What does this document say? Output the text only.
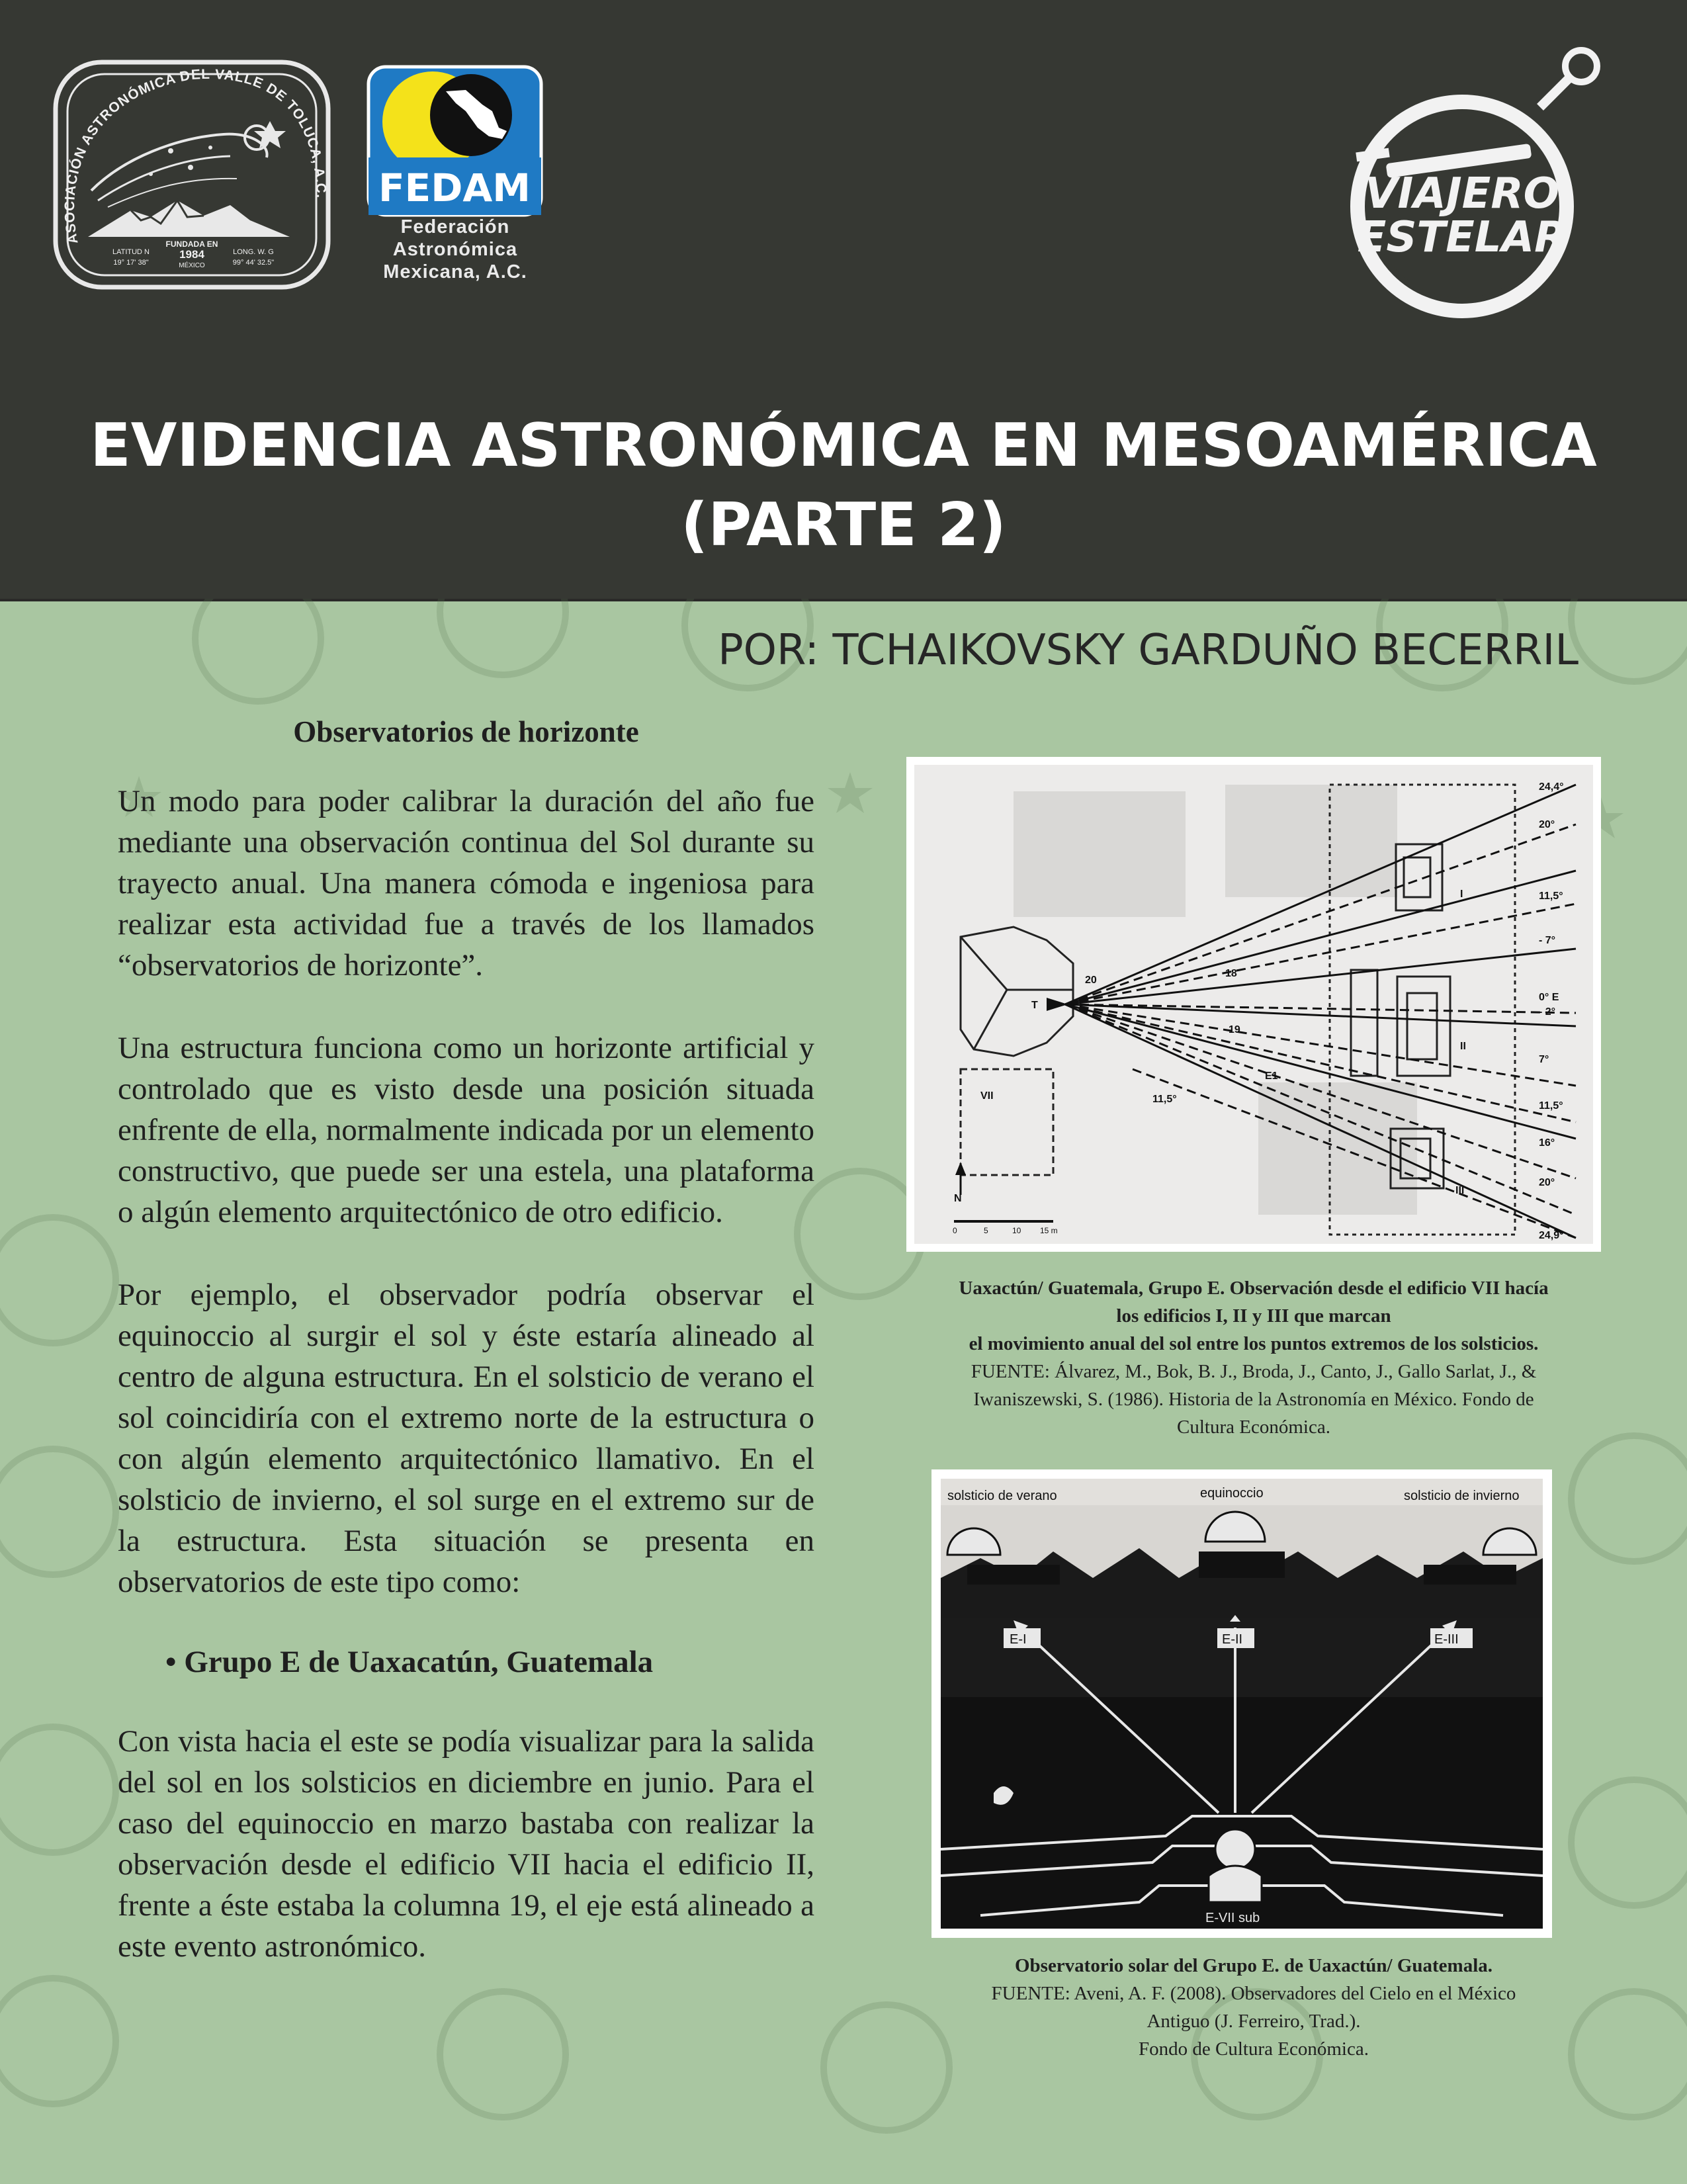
ASOCIACIÓN ASTRONÓMICA DEL VALLE DE TOLUCA, A.C.
FUNDADA EN
1984
LATITUD N
19° 17' 38"	MÉXICO
LONG. W. G
99° 44' 32.5"
FEDAM
Federación
Astronómica
Mexicana, A.C.
VIAJERO
ESTELAR
EVIDENCIA ASTRONÓMICA EN MESOAMÉRICA
(PARTE 2)
POR: TCHAIKOVSKY GARDUÑO BECERRIL
Observatorios de horizonte

Un modo para poder calibrar la duración del año fue mediante una observación continua del Sol durante su trayecto anual. Una manera cómoda e ingeniosa para realizar esta actividad fue a través de los llamados “observatorios de horizonte”.

Una estructura funciona como un horizonte artificial y controlado que es visto desde una posición situada enfrente de ella, normalmente indicada por un elemento constructivo, que puede ser una estela, una plataforma o algún elemento arquitectónico de otro edificio.

Por ejemplo, el observador podría observar el equinoccio al surgir el sol y éste estaría alineado al centro de alguna estructura. En el solsticio de verano el sol coincidiría con el extremo norte de la estructura o con algún elemento arquitectónico llamativo. En el solsticio de invierno, el sol surge en el extremo sur de la estructura. Esta situación se presenta en observatorios de este tipo como:

• Grupo E de Uaxacatún, Guatemala

Con vista hacia el este se podía visualizar para la salida del sol en los solsticios en diciembre en junio. Para el caso del equinoccio en marzo bastaba con realizar la observación desde el edificio VII hacia el edificio II, frente a éste estaba la columna 19, el eje está alineado a este evento astronómico.

24,4°
20°
11,5°
- 7°
0° E
- 2°
7°
11,5°
16°
20°
24,9°
11,5°
VII
I
II
III
T
20
19
18
E1
N
0	5	10 15 m
Uaxactún/ Guatemala, Grupo E. Observación desde el edificio VII hacía
los edificios I, II y III que marcan
el movimiento anual del sol entre los puntos extremos de los solsticios.
FUENTE: Álvarez, M., Bok, B. J., Broda, J., Canto, J., Gallo Sarlat, J., &
Iwaniszewski, S. (1986). Historia de la Astronomía en México. Fondo de
Cultura Económica.
solsticio de verano	equinoccio	solsticio de invierno
E-I	E-II	E-III
E-VII sub
Observatorio solar del Grupo E. de Uaxactún/ Guatemala.
FUENTE: Aveni, A. F. (2008). Observadores del Cielo en el México
Antiguo (J. Ferreiro, Trad.).
Fondo de Cultura Económica.
